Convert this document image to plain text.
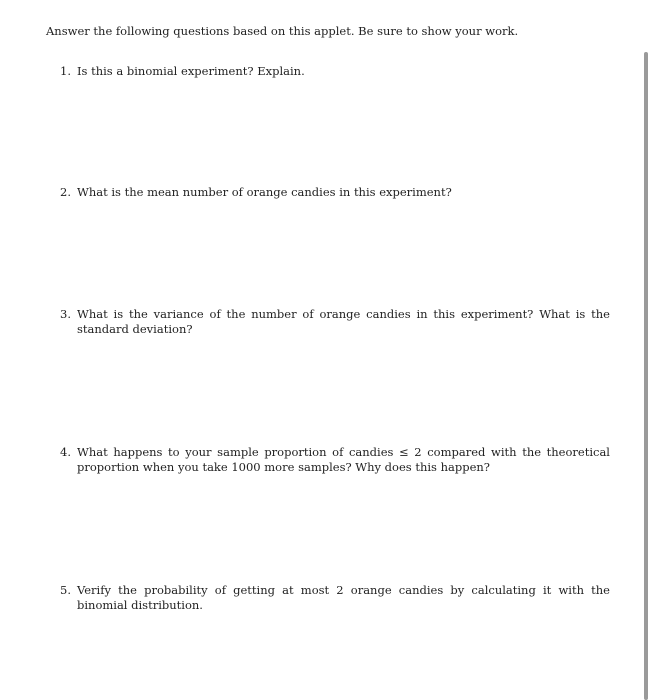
Answer the following questions based on this applet. Be sure to show your work.
1. Is this a binomial experiment? Explain.
2. What is the mean number of orange candies in this experiment?
3. What is the variance of the number of orange candies in this experiment? What is the standard deviation?
4. What happens to your sample proportion of candies ≤ 2 compared with the theoretical proportion when you take 1000 more samples? Why does this happen?
5. Verify the probability of getting at most 2 orange candies by calculating it with the binomial distribution.
